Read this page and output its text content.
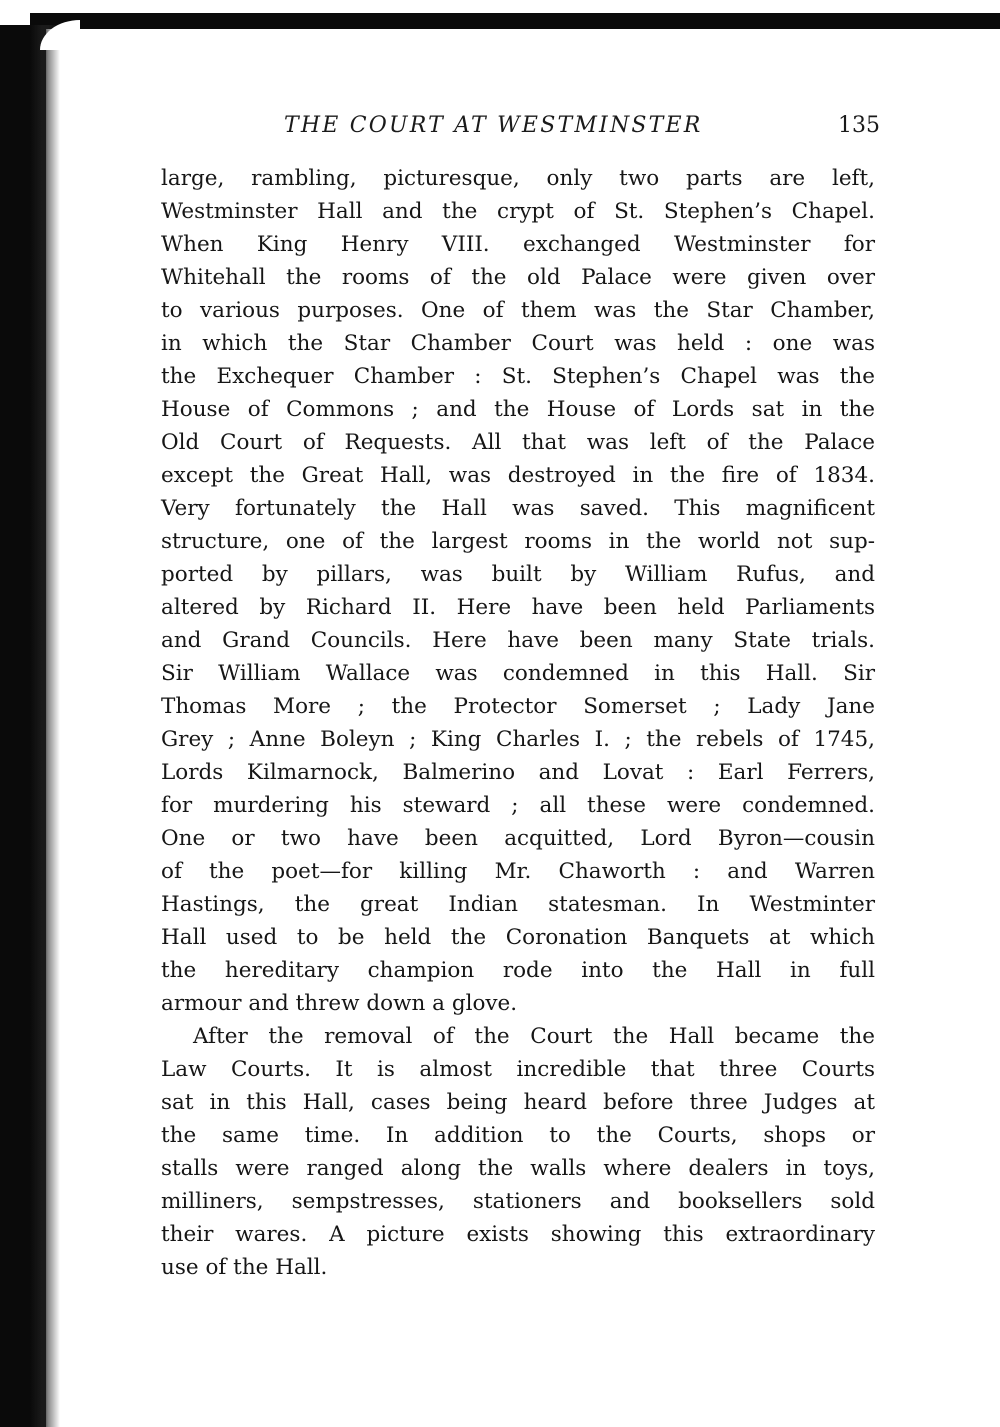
THE COURT AT WESTMINSTER	135
large, rambling, picturesque, only two parts are left,
Westminster Hall and the crypt of St. Stephen’s Chapel.
When King Henry VIII. exchanged Westminster for
Whitehall the rooms of the old Palace were given over
to various purposes. One of them was the Star Chamber,
in which the Star Chamber Court was held : one was
the Exchequer Chamber : St. Stephen’s Chapel was the
House of Commons ; and the House of Lords sat in the
Old Court of Requests. All that was left of the Palace
except the Great Hall, was destroyed in the fire of 1834.
Very fortunately the Hall was saved. This magnificent
structure, one of the largest rooms in the world not sup-
ported by pillars, was built by William Rufus, and
altered by Richard II. Here have been held Parliaments
and Grand Councils. Here have been many State trials.
Sir William Wallace was condemned in this Hall. Sir
Thomas More ; the Protector Somerset ; Lady Jane
Grey ; Anne Boleyn ; King Charles I. ; the rebels of 1745,
Lords Kilmarnock, Balmerino and Lovat : Earl Ferrers,
for murdering his steward ; all these were condemned.
One or two have been acquitted, Lord Byron—cousin
of the poet—for killing Mr. Chaworth : and Warren
Hastings, the great Indian statesman. In Westminter
Hall used to be held the Coronation Banquets at which
the hereditary champion rode into the Hall in full
armour and threw down a glove.
After the removal of the Court the Hall became the
Law Courts. It is almost incredible that three Courts
sat in this Hall, cases being heard before three Judges at
the same time. In addition to the Courts, shops or
stalls were ranged along the walls where dealers in toys,
milliners, sempstresses, stationers and booksellers sold
their wares. A picture exists showing this extraordinary
use of the Hall.
